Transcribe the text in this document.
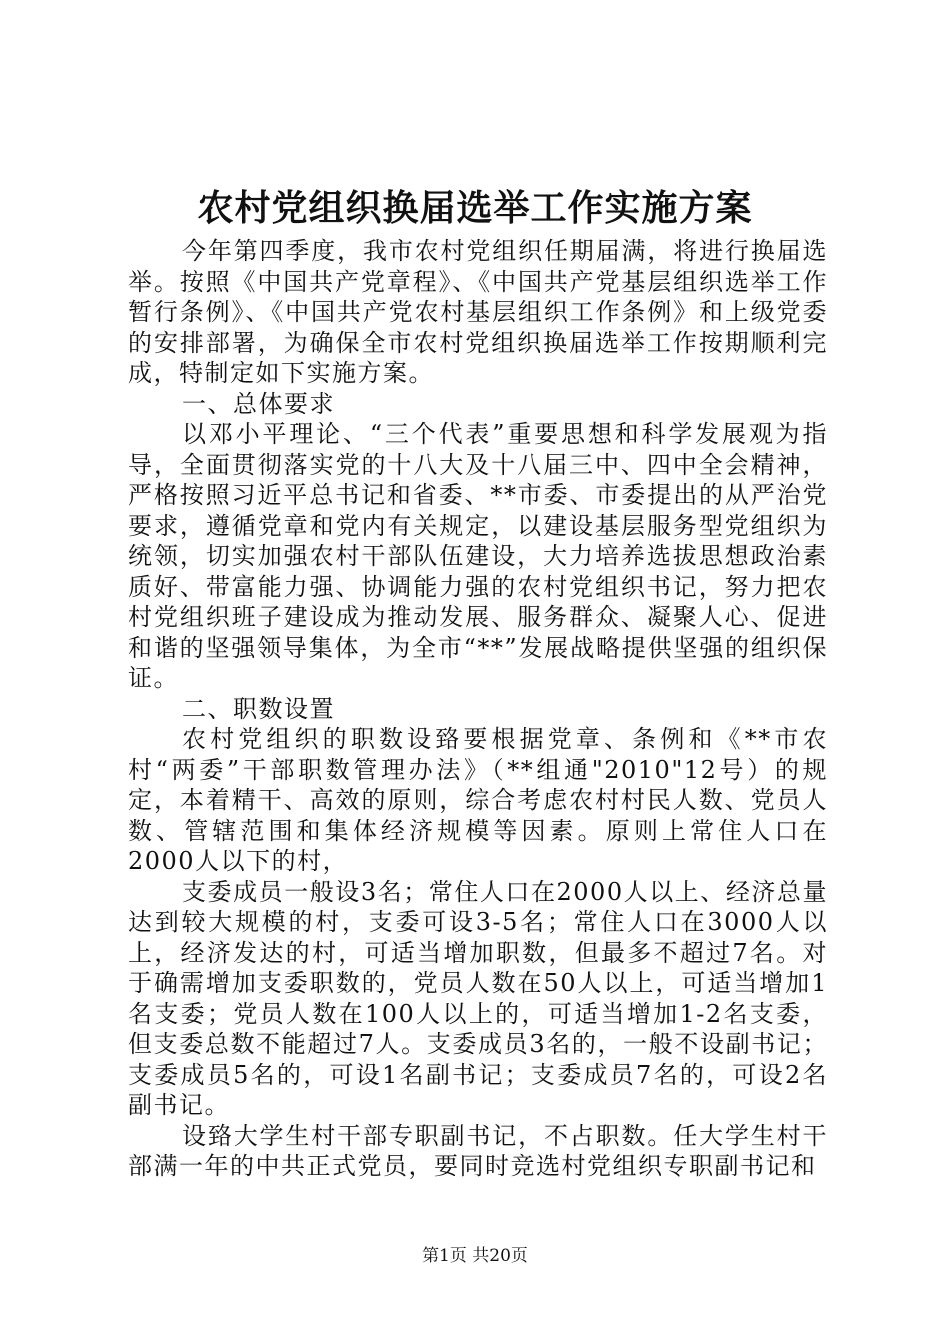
农村党组织换届选举工作实施方案

今年第四季度，我市农村党组织任期届满，将进行换届选举。按照《中国共产党章程》、《中国共产党基层组织选举工作暂行条例》、《中国共产党农村基层组织工作条例》和上级党委的安排部署，为确保全市农村党组织换届选举工作按期顺利完成，特制定如下实施方案。

一、总体要求

以邓小平理论、“三个代表”重要思想和科学发展观为指导，全面贯彻落实党的十八大及十八届三中、四中全会精神，严格按照习近平总书记和省委、**市委、市委提出的从严治党要求，遵循党章和党内有关规定，以建设基层服务型党组织为统领，切实加强农村干部队伍建设，大力培养选拔思想政治素质好、带富能力强、协调能力强的农村党组织书记，努力把农村党组织班子建设成为推动发展、服务群众、凝聚人心、促进和谐的坚强领导集体，为全市“**”发展战略提供坚强的组织保证。

二、职数设置

农村党组织的职数设臵要根据党章、条例和《**市农村“两委”干部职数管理办法》（**组通"2010"12号）的规定，本着精干、高效的原则，综合考虑农村村民人数、党员人数、管辖范围和集体经济规模等因素。原则上常住人口在2000人以下的村，

支委成员一般设3名；常住人口在2000人以上、经济总量达到较大规模的村，支委可设3-5名；常住人口在3000人以上，经济发达的村，可适当增加职数，但最多不超过7名。对于确需增加支委职数的，党员人数在50人以上，可适当增加1名支委；党员人数在100人以上的，可适当增加1-2名支委，但支委总数不能超过7人。支委成员3名的，一般不设副书记；支委成员5名的，可设1名副书记；支委成员7名的，可设2名副书记。

设臵大学生村干部专职副书记，不占职数。任大学生村干部满一年的中共正式党员，要同时竞选村党组织专职副书记和

第1页 共20页
